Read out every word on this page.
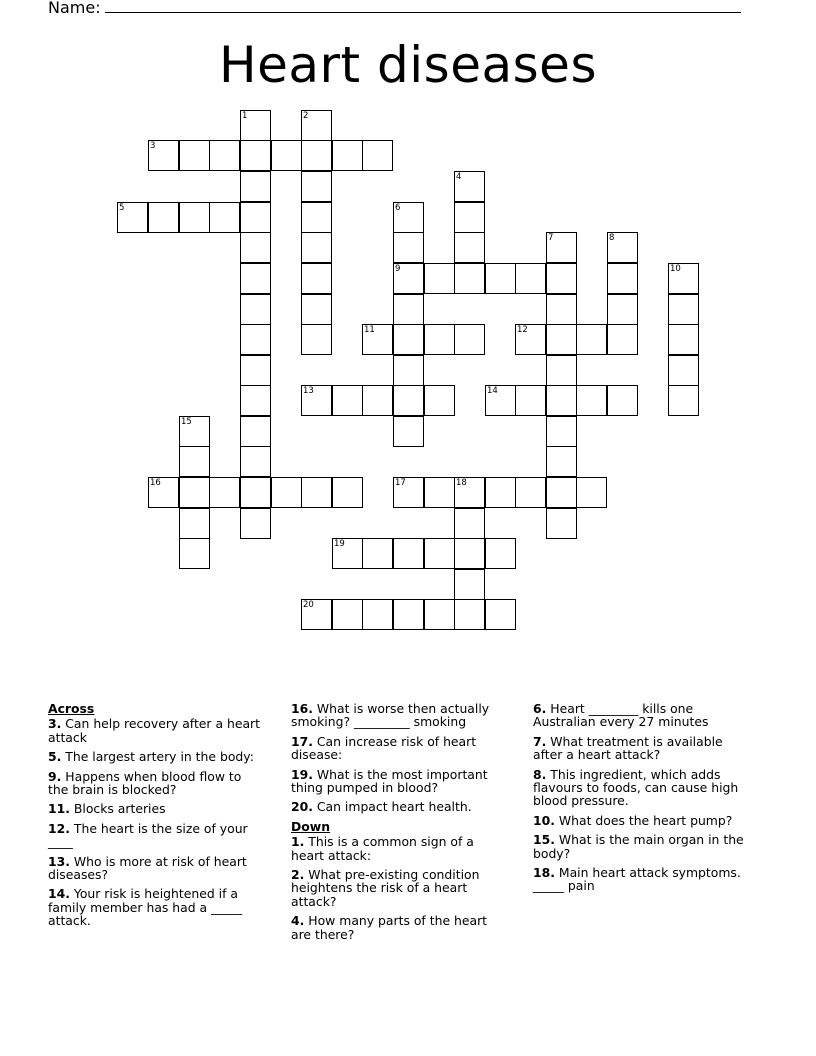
Name:
Heart diseases
1	2
3
4
5	6
7	8
9	10
11	12
13	14
15
16	17	18
19
20
Across
3. Can help recovery after a heart attack
5. The largest artery in the body:
9. Happens when blood flow to the brain is blocked?
11. Blocks arteries
12. The heart is the size of your ____
13. Who is more at risk of heart diseases?
14. Your risk is heightened if a family member has had a _____ attack.
16. What is worse then actually smoking? _________ smoking
17. Can increase risk of heart disease:
19. What is the most important thing pumped in blood?
20. Can impact heart health.
Down
1. This is a common sign of a heart attack:
2. What pre-existing condition heightens the risk of a heart attack?
4. How many parts of the heart are there?
6. Heart ________ kills one Australian every 27 minutes
7. What treatment is available after a heart attack?
8. This ingredient, which adds flavours to foods, can cause high blood pressure.
10. What does the heart pump?
15. What is the main organ in the body?
18. Main heart attack symptoms. _____ pain
